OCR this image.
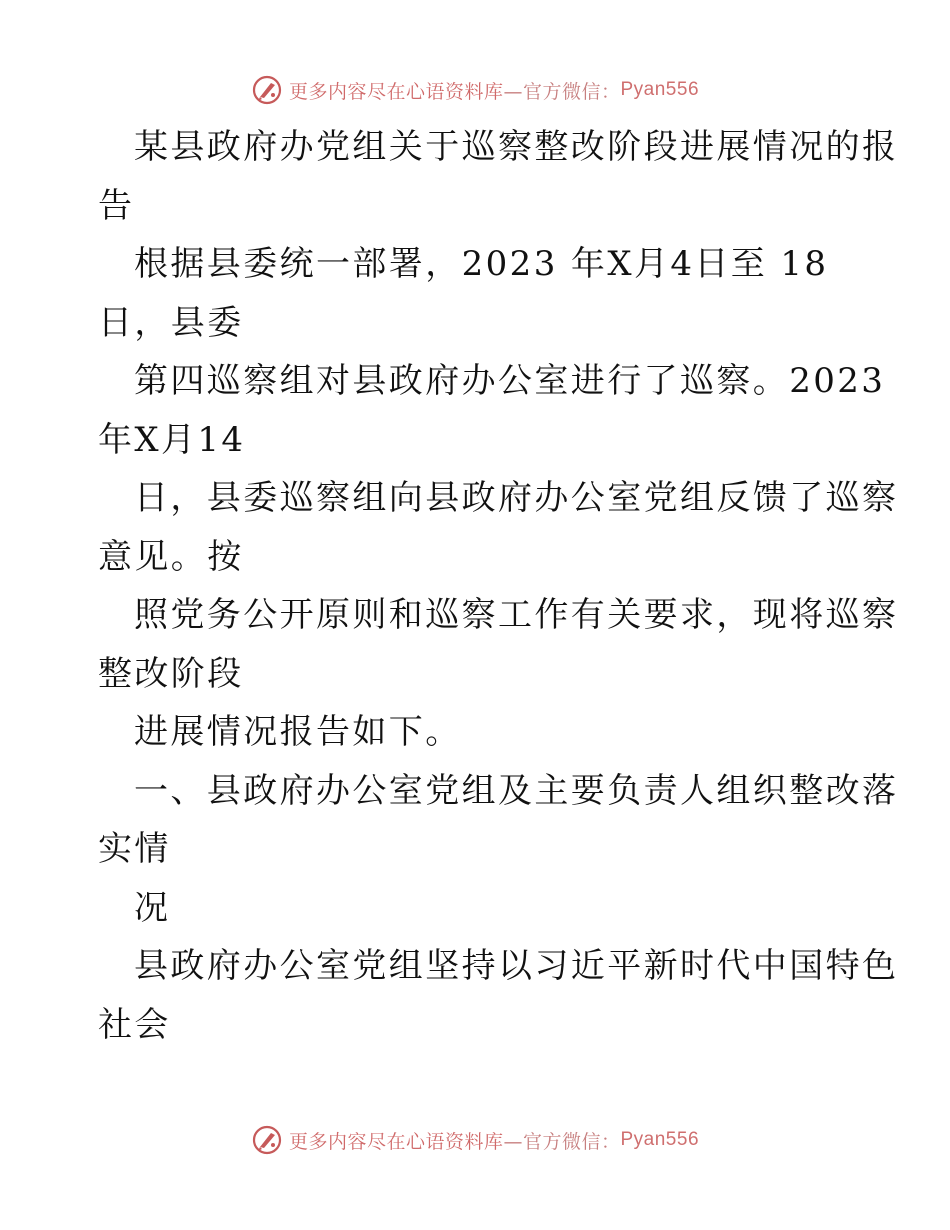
更多内容尽在心语资料库 —官方微信： Pyan556
某县政府办党组关于巡察整改阶段进展情况的报
告
根据县委统一部署，2023 年X月4日至 18
日，县委
第四巡察组对县政府办公室进行了巡察。2023
年X月14
日，县委巡察组向县政府办公室党组反馈了巡察
意见。按
照党务公开原则和巡察工作有关要求，现将巡察
整改阶段
进展情况报告如下。
一、县政府办公室党组及主要负责人组织整改落
实情
况
县政府办公室党组坚持以习近平新时代中国特色
社会
更多内容尽在心语资料库 —官方微信： Pyan556
